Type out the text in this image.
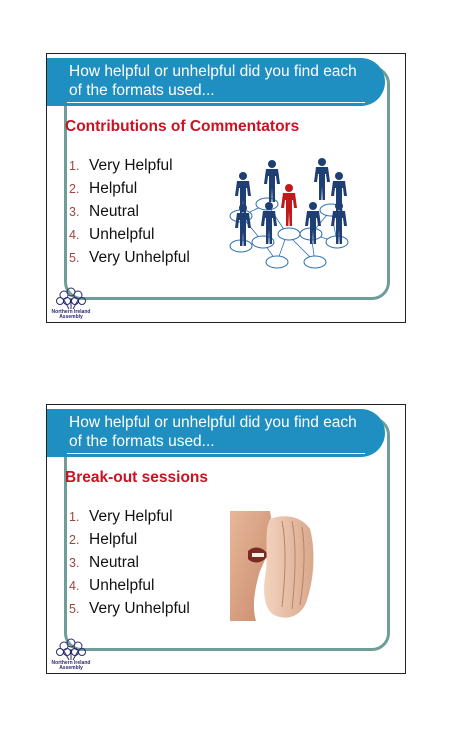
How helpful or unhelpful did you find each
of the formats used...
Contributions of Commentators
1. Very Helpful
2. Helpful
3. Neutral
4. Unhelpful
5. Very Unhelpful
Northern Ireland
Assembly
How helpful or unhelpful did you find each
of the formats used...
Break-out sessions
1. Very Helpful
2. Helpful
3. Neutral
4. Unhelpful
5. Very Unhelpful
Northern Ireland
Assembly
